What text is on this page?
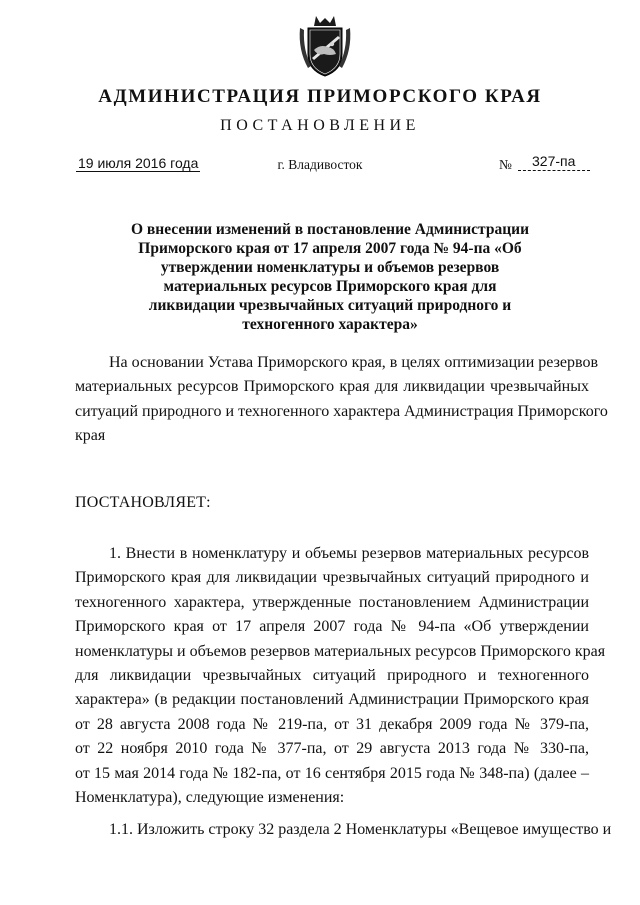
АДМИНИСТРАЦИЯ ПРИМОРСКОГО КРАЯ
ПОСТАНОВЛЕНИЕ
19 июля 2016 года	г. Владивосток	№	327-па
О внесении изменений в постановление Администрации
Приморского края от 17 апреля 2007 года № 94-па «Об
утверждении номенклатуры и объемов резервов
материальных ресурсов Приморского края для
ликвидации чрезвычайных ситуаций природного и
техногенного характера»
На основании Устава Приморского края, в целях оптимизации резервов
материальных ресурсов Приморского края для ликвидации чрезвычайных
ситуаций природного и техногенного характера Администрация Приморского
края
ПОСТАНОВЛЯЕТ:
1. Внести в номенклатуру и объемы резервов материальных ресурсов
Приморского края для ликвидации чрезвычайных ситуаций природного и
техногенного характера, утвержденные постановлением Администрации
Приморского края от 17 апреля 2007 года № 94-па «Об утверждении
номенклатуры и объемов резервов материальных ресурсов Приморского края
для ликвидации чрезвычайных ситуаций природного и техногенного
характера» (в редакции постановлений Администрации Приморского края
от 28 августа 2008 года № 219-па, от 31 декабря 2009 года № 379-па,
от 22 ноября 2010 года № 377-па, от 29 августа 2013 года № 330-па,
от 15 мая 2014 года № 182-па, от 16 сентября 2015 года № 348-па) (далее –
Номенклатура), следующие изменения:
1.1. Изложить строку 32 раздела 2 Номенклатуры «Вещевое имущество и
